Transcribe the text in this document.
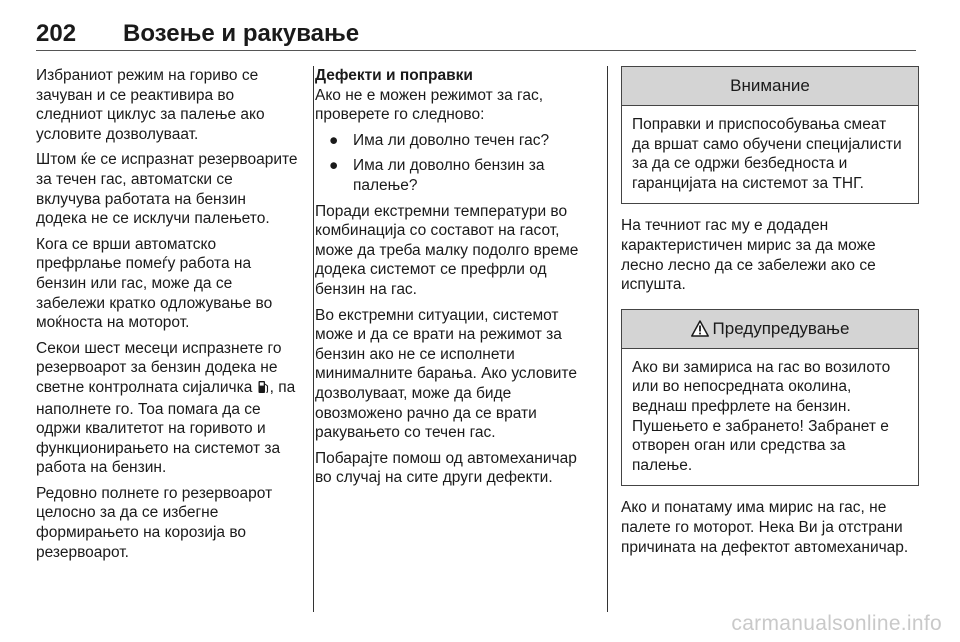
202 Возење и ракување

Избраниот режим на гориво се зачуван и се реактивира во следниот циклус за палење ако условите дозволуваат.

Штом ќе се испразнат резервоарите за течен гас, автоматски се вклучува работата на бензин додека не се исклучи палењето.

Кога се врши автоматско префрлање помеѓу работа на бензин или гас, може да се забележи кратко одложување во моќноста на моторот.

Секои шест месеци испразнете го резервоарот за бензин додека не светне контролната сијаличка , па наполнете го. Тоа помага да се одржи квалитетот на горивото и функционирањето на системот за работа на бензин.

Редовно полнете го резервоарот целосно за да се избегне формирањето на корозија во резервоарот.

Дефекти и поправки

Ако не е можен режимот за гас, проверете го следново:

● Има ли доволно течен гас?
● Има ли доволно бензин за палење?

Поради екстремни температури во комбинација со составот на гасот, може да треба малку подолго време додека системот се префрли од бензин на гас.

Во екстремни ситуации, системот може и да се врати на режимот за бензин ако не се исполнети минималните барања. Ако условите дозволуваат, може да биде овозможено рачно да се врати ракувањето со течен гас.

Побарајте помош од автомеханичар во случај на сите други дефекти.

Внимание
Поправки и приспособувања смеат да вршат само обучени специјалисти за да се одржи безбедноста и гаранцијата на системот за ТНГ.

На течниот гас му е додаден карактеристичен мирис за да може лесно лесно да се забележи ако се испушта.

Предупредување
Ако ви замириса на гас во возилото или во непосредната околина, веднаш префрлете на бензин. Пушењето е забрането! Забранет е отворен оган или средства за палење.

Ако и понатаму има мирис на гас, не палете го моторот. Нека Ви ја отстрани причината на дефектот автомеханичар.

carmanualsonline.info
